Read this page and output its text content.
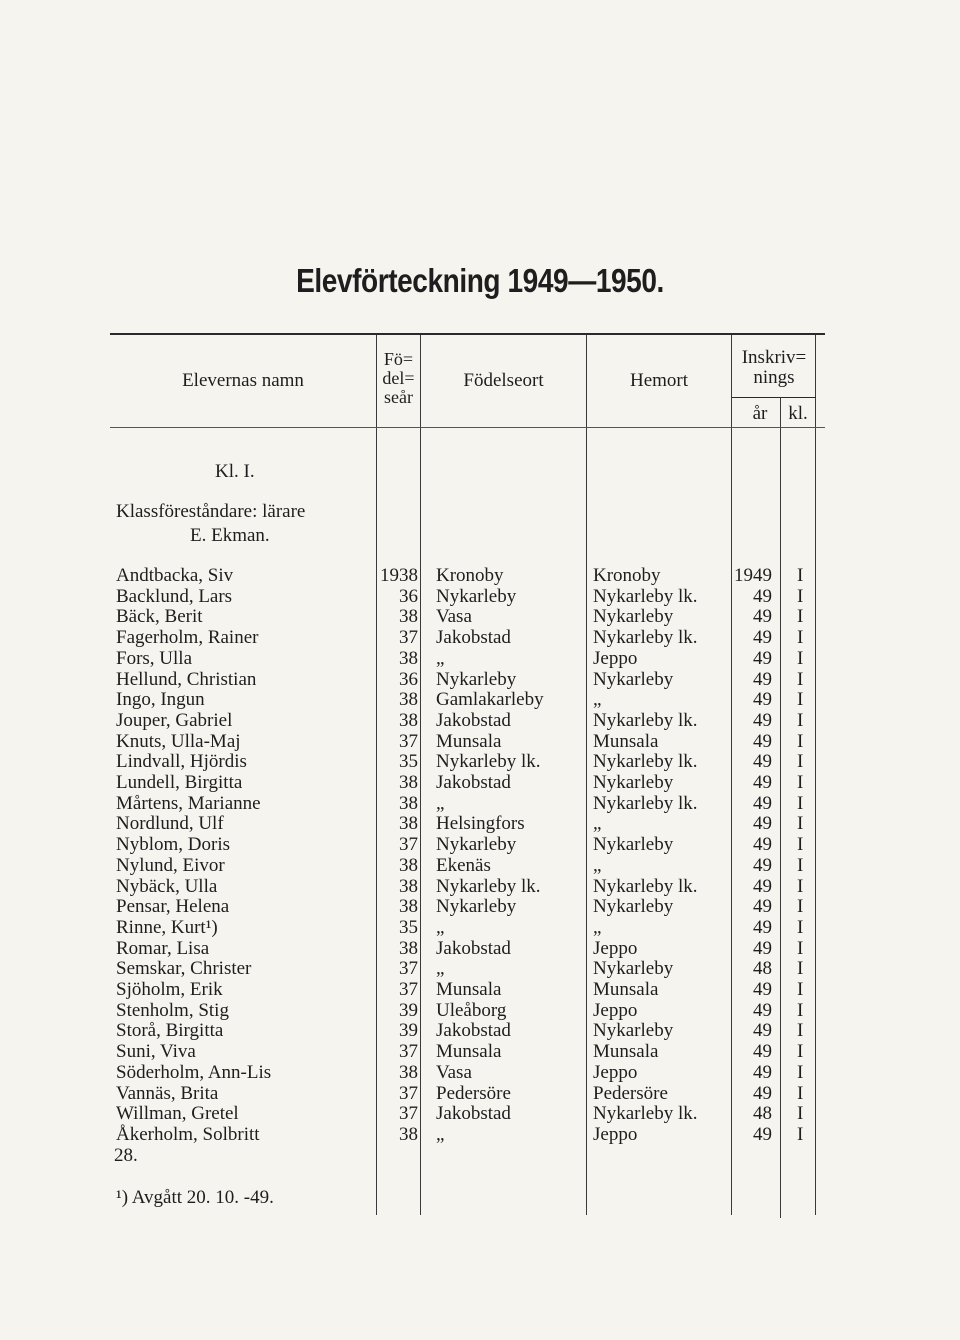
Elevförteckning 1949—1950.
Elevernas namn
Fö=
del=
seår
Födelseort	Hemort
Inskriv=
nings
år	kl.
Kl. I.
Klassföreståndare: lärare
E. Ekman.
Andtbacka, Siv	1938 Kronoby	Kronoby	1949 I
Backlund, Lars	36 Nykarleby	Nykarleby lk.	49 I
Bäck, Berit	38 Vasa	Nykarleby	49 I
Fagerholm, Rainer	37 Jakobstad	Nykarleby lk.	49 I
Fors, Ulla	38 „	Jeppo	49 I
Hellund, Christian	36 Nykarleby	Nykarleby	49 I
Ingo, Ingun	38 Gamlakarleby	„	49 I
Jouper, Gabriel	38 Jakobstad	Nykarleby lk.	49 I
Knuts, Ulla-Maj	37 Munsala	Munsala	49 I
Lindvall, Hjördis	35 Nykarleby lk.	Nykarleby lk.	49 I
Lundell, Birgitta	38 Jakobstad	Nykarleby	49 I
Mårtens, Marianne	38 „	Nykarleby lk.	49 I
Nordlund, Ulf	38 Helsingfors	„	49 I
Nyblom, Doris	37 Nykarleby	Nykarleby	49 I
Nylund, Eivor	38 Ekenäs	„	49 I
Nybäck, Ulla	38 Nykarleby lk.	Nykarleby lk.	49 I
Pensar, Helena	38 Nykarleby	Nykarleby	49 I
Rinne, Kurt¹)	35 „	„	49 I
Romar, Lisa	38 Jakobstad	Jeppo	49 I
Semskar, Christer	37 „	Nykarleby	48 I
Sjöholm, Erik	37 Munsala	Munsala	49 I
Stenholm, Stig	39 Uleåborg	Jeppo	49 I
Storå, Birgitta	39 Jakobstad	Nykarleby	49 I
Suni, Viva	37 Munsala	Munsala	49 I
Söderholm, Ann-Lis	38 Vasa	Jeppo	49 I
Vannäs, Brita	37 Pedersöre	Pedersöre	49 I
Willman, Gretel	37 Jakobstad	Nykarleby lk.	48 I
Åkerholm, Solbritt	38 „	Jeppo	49 I
28.
¹) Avgått 20. 10. -49.
